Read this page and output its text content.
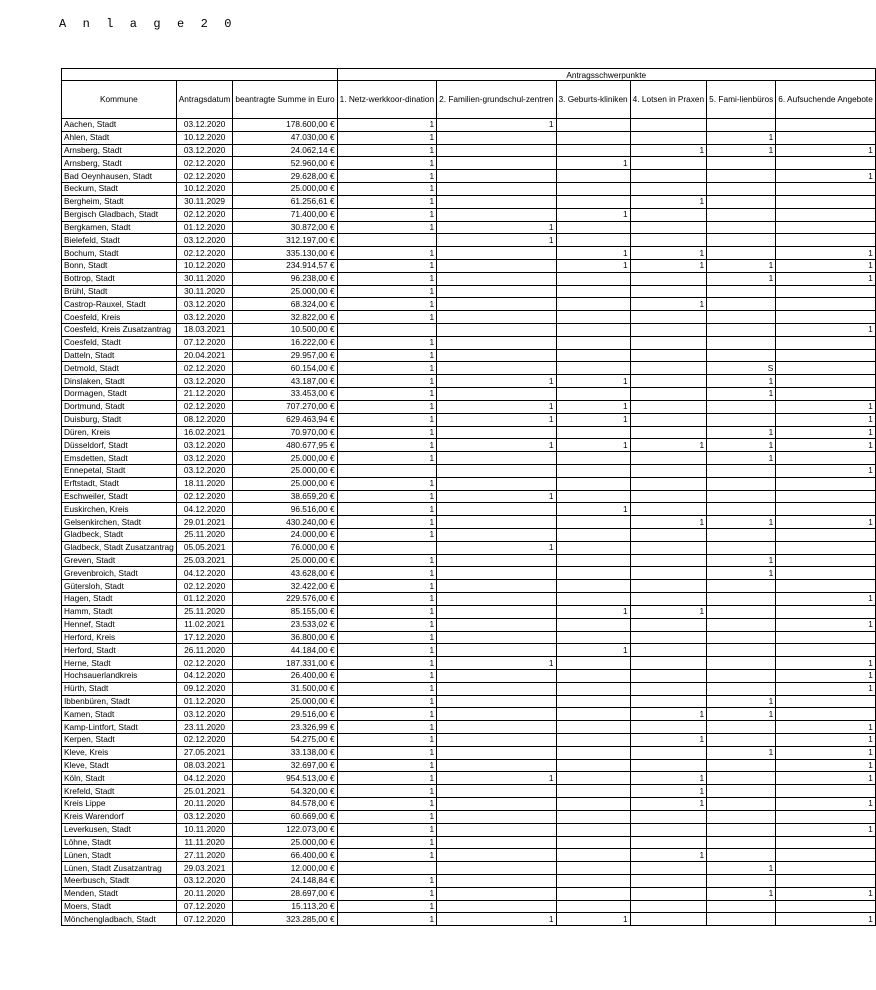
A n l a g e 2 0
			Antragsschwerpunkte					
Kommune	Antragsdatum	beantragte Summe in Euro	1. Netz-werkkoor-dination	2. Familien-grundschul-zentren	3. Geburts-kliniken	4. Lotsen in Praxen	5. Fami-lienbüros	6. Aufsuchende Angebote
Aachen, Stadt	03.12.2020	178.600,00 €	1	1				
Ahlen, Stadt	10.12.2020	47.030,00 €	1				1	
Arnsberg, Stadt	03.12.2020	24.062,14 €	1			1	1	1
Arnsberg, Stadt	02.12.2020	52.960,00 €	1		1			
Bad Oeynhausen, Stadt	02.12.2020	29.628,00 €	1					1
Beckum, Stadt	10.12.2020	25.000,00 €	1					
Bergheim, Stadt	30.11.2029	61.256,61 €	1			1		
Bergisch Gladbach, Stadt	02.12.2020	71.400,00 €	1		1			
Bergkamen, Stadt	01.12.2020	30.872,00 €	1	1				
Bielefeld, Stadt	03.12.2020	312.197,00 €		1				
Bochum, Stadt	02.12.2020	335.130,00 €	1		1	1		1
Bonn, Stadt	10.12.2020	234.914,57 €	1		1	1	1	1
Bottrop, Stadt	30.11.2020	96.238,00 €	1				1	1
Brühl, Stadt	30.11.2020	25.000,00 €	1					
Castrop-Rauxel, Stadt	03.12.2020	68.324,00 €	1			1		
Coesfeld, Kreis	03.12.2020	32.822,00 €	1					
Coesfeld, Kreis Zusatzantrag	18.03.2021	10.500,00 €						1
Coesfeld, Stadt	07.12.2020	16.222,00 €	1					
Datteln, Stadt	20.04.2021	29.957,00 €	1					
Detmold, Stadt	02.12.2020	60.154,00 €	1				S	
Dinslaken, Stadt	03.12.2020	43.187,00 €	1	1	1		1	
Dormagen, Stadt	21.12.2020	33.453,00 €	1				1	
Dortmund, Stadt	02.12.2020	707.270,00 €	1	1	1			1
Duisburg, Stadt	08.12.2020	629.463,94 €	1	1	1			1
Düren, Kreis	16.02.2021	70.970,00 €	1				1	1
Düsseldorf, Stadt	03.12.2020	480.677,95 €	1	1	1	1	1	1
Emsdetten, Stadt	03.12.2020	25.000,00 €	1				1	
Ennepetal, Stadt	03.12.2020	25.000,00 €						1
Erftstadt, Stadt	18.11.2020	25.000,00 €	1					
Eschweiler, Stadt	02.12.2020	38.659,20 €	1	1				
Euskirchen, Kreis	04.12.2020	96.516,00 €	1		1			
Gelsenkirchen, Stadt	29.01.2021	430.240,00 €	1			1	1	1
Gladbeck, Stadt	25.11.2020	24.000,00 €	1					
Gladbeck, Stadt Zusatzantrag	05.05.2021	76.000,00 €		1				
Greven, Stadt	25.03.2021	25.000,00 €	1				1	
Grevenbroich, Stadt	04.12.2020	43.628,00 €	1				1	
Gütersloh, Stadt	02.12.2020	32.422,00 €	1					
Hagen, Stadt	01.12.2020	229.576,00 €	1					1
Hamm, Stadt	25.11.2020	85.155,00 €	1		1	1		
Hennef, Stadt	11.02.2021	23.533,02 €	1					1
Herford, Kreis	17.12.2020	36.800,00 €	1					
Herford, Stadt	26.11.2020	44.184,00 €	1		1			
Herne, Stadt	02.12.2020	187.331,00 €	1	1				1
Hochsauerlandkreis	04.12.2020	26.400,00 €	1					1
Hürth, Stadt	09.12.2020	31.500,00 €	1					1
Ibbenbüren, Stadt	01.12.2020	25.000,00 €	1				1	
Kamen, Stadt	03.12.2020	29.516,00 €	1			1	1	
Kamp-Lintfort, Stadt	23.11.2020	23.326,99 €	1					1
Kerpen, Stadt	02.12.2020	54.275,00 €	1			1		1
Kleve, Kreis	27.05.2021	33.138,00 €	1				1	1
Kleve, Stadt	08.03.2021	32.697,00 €	1					1
Köln, Stadt	04.12.2020	954.513,00 €	1	1		1		1
Krefeld, Stadt	25.01.2021	54.320,00 €	1			1		
Kreis Lippe	20.11.2020	84.578,00 €	1			1		1
Kreis Warendorf	03.12.2020	60.669,00 €	1					
Leverkusen, Stadt	10.11.2020	122.073,00 €	1					1
Löhne, Stadt	11.11.2020	25.000,00 €	1					
Lünen, Stadt	27.11.2020	66.400,00 €	1			1		
Lünen, Stadt Zusatzantrag	29.03.2021	12.000,00 €					1	
Meerbusch, Stadt	03.12.2020	24.148,84 €	1					
Menden, Stadt	20.11.2020	28.697,00 €	1				1	1
Moers, Stadt	07.12.2020	15.113,20 €	1					
Mönchengladbach, Stadt	07.12.2020	323.285,00 €	1	1	1			1
